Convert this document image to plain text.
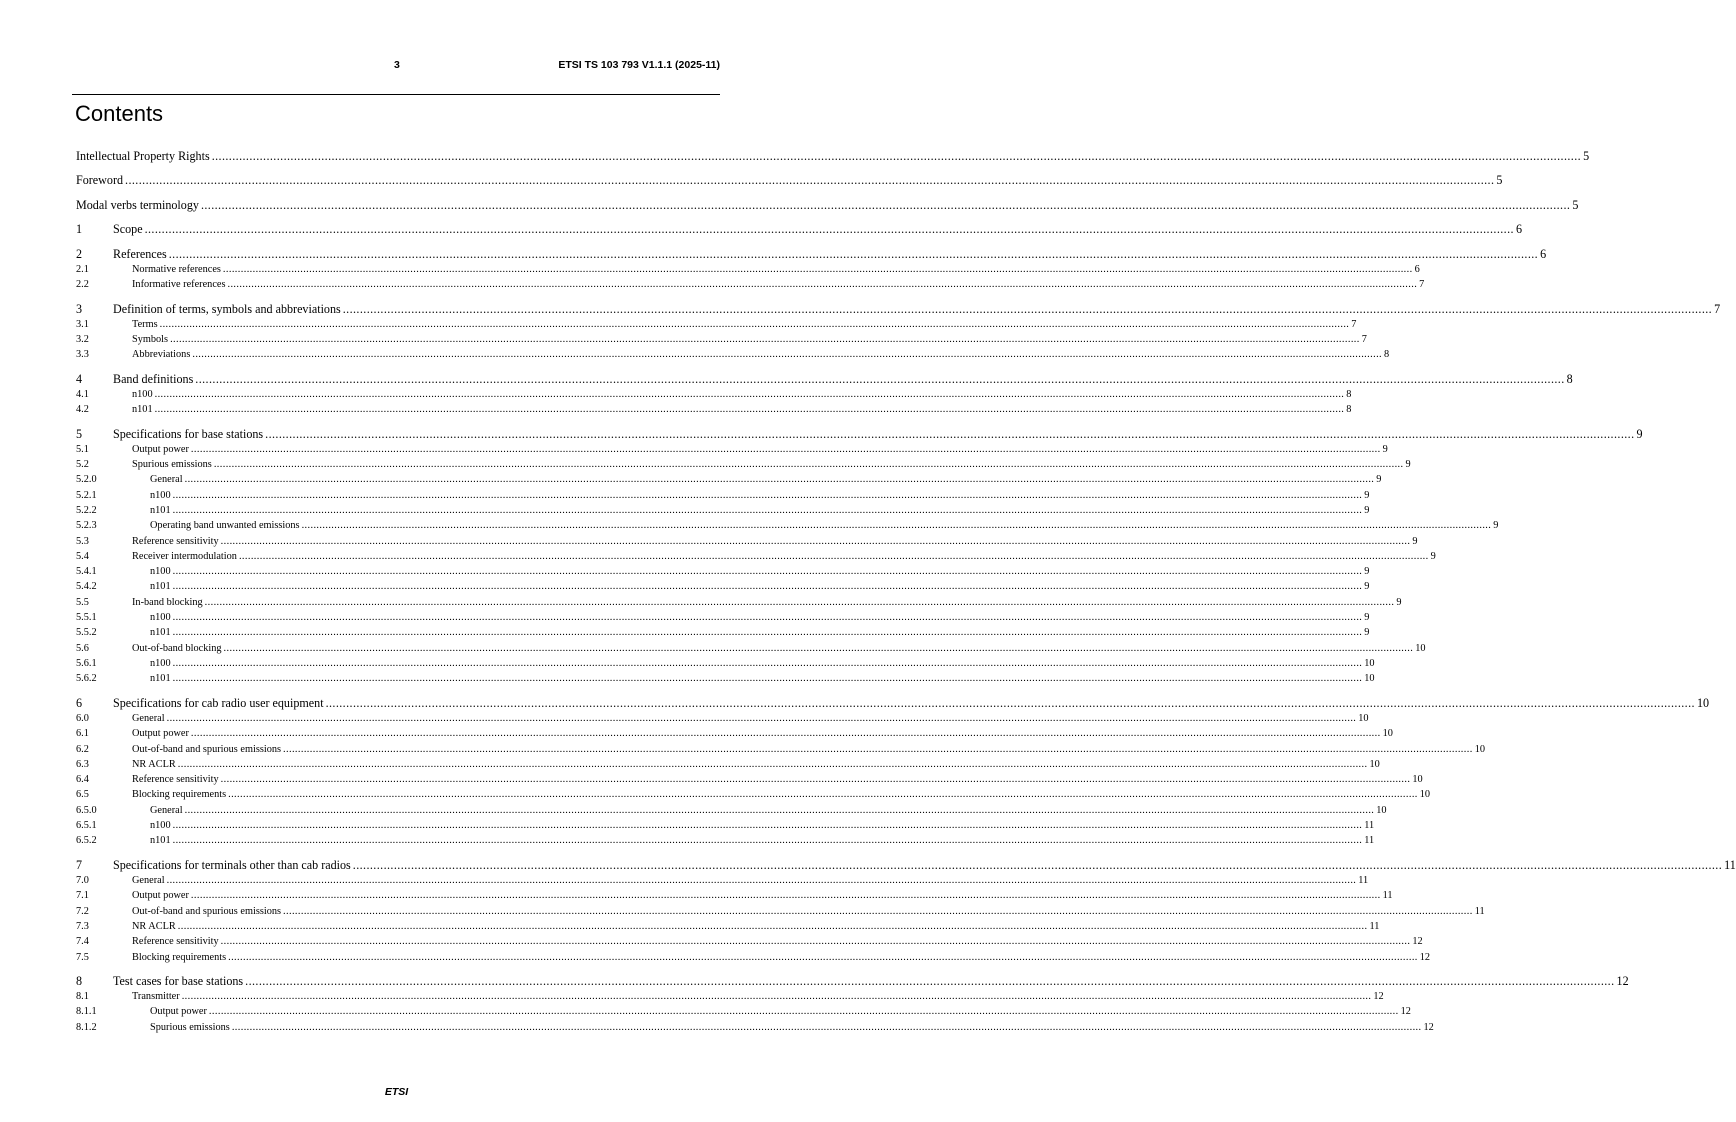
3	ETSI TS 103 793 V1.1.1 (2025-11)
Contents
Intellectual Property Rights ................................................................................................................................................................................................................................................................................................................................................................................................................ 5
Foreword ................................................................................................................................................................................................................................................................................................................................................................................................................ 5
Modal verbs terminology ................................................................................................................................................................................................................................................................................................................................................................................................................ 5
1	Scope ................................................................................................................................................................................................................................................................................................................................................................................................................ 6
2	References ................................................................................................................................................................................................................................................................................................................................................................................................................ 6
2.1	Normative references ................................................................................................................................................................................................................................................................................................................................................................................................................ 6
2.2	Informative references ................................................................................................................................................................................................................................................................................................................................................................................................................ 7
3	Definition of terms, symbols and abbreviations ................................................................................................................................................................................................................................................................................................................................................................................................................ 7
3.1	Terms ................................................................................................................................................................................................................................................................................................................................................................................................................ 7
3.2	Symbols ................................................................................................................................................................................................................................................................................................................................................................................................................ 7
3.3	Abbreviations ................................................................................................................................................................................................................................................................................................................................................................................................................ 8
4	Band definitions ................................................................................................................................................................................................................................................................................................................................................................................................................ 8
4.1	n100 ................................................................................................................................................................................................................................................................................................................................................................................................................ 8
4.2	n101 ................................................................................................................................................................................................................................................................................................................................................................................................................ 8
5	Specifications for base stations ................................................................................................................................................................................................................................................................................................................................................................................................................ 9
5.1	Output power ................................................................................................................................................................................................................................................................................................................................................................................................................ 9
5.2	Spurious emissions ................................................................................................................................................................................................................................................................................................................................................................................................................ 9
5.2.0	General ................................................................................................................................................................................................................................................................................................................................................................................................................ 9
5.2.1	n100 ................................................................................................................................................................................................................................................................................................................................................................................................................ 9
5.2.2	n101 ................................................................................................................................................................................................................................................................................................................................................................................................................ 9
5.2.3	Operating band unwanted emissions ................................................................................................................................................................................................................................................................................................................................................................................................................ 9
5.3	Reference sensitivity ................................................................................................................................................................................................................................................................................................................................................................................................................ 9
5.4	Receiver intermodulation ................................................................................................................................................................................................................................................................................................................................................................................................................ 9
5.4.1	n100 ................................................................................................................................................................................................................................................................................................................................................................................................................ 9
5.4.2	n101 ................................................................................................................................................................................................................................................................................................................................................................................................................ 9
5.5	In-band blocking ................................................................................................................................................................................................................................................................................................................................................................................................................ 9
5.5.1	n100 ................................................................................................................................................................................................................................................................................................................................................................................................................ 9
5.5.2	n101 ................................................................................................................................................................................................................................................................................................................................................................................................................ 9
5.6	Out-of-band blocking ................................................................................................................................................................................................................................................................................................................................................................................................................ 10
5.6.1	n100 ................................................................................................................................................................................................................................................................................................................................................................................................................ 10
5.6.2	n101 ................................................................................................................................................................................................................................................................................................................................................................................................................ 10
6	Specifications for cab radio user equipment ................................................................................................................................................................................................................................................................................................................................................................................................................ 10
6.0	General ................................................................................................................................................................................................................................................................................................................................................................................................................ 10
6.1	Output power ................................................................................................................................................................................................................................................................................................................................................................................................................ 10
6.2	Out-of-band and spurious emissions ................................................................................................................................................................................................................................................................................................................................................................................................................ 10
6.3	NR ACLR ................................................................................................................................................................................................................................................................................................................................................................................................................ 10
6.4	Reference sensitivity ................................................................................................................................................................................................................................................................................................................................................................................................................ 10
6.5	Blocking requirements ................................................................................................................................................................................................................................................................................................................................................................................................................ 10
6.5.0	General ................................................................................................................................................................................................................................................................................................................................................................................................................ 10
6.5.1	n100 ................................................................................................................................................................................................................................................................................................................................................................................................................ 11
6.5.2	n101 ................................................................................................................................................................................................................................................................................................................................................................................................................ 11
7	Specifications for terminals other than cab radios ................................................................................................................................................................................................................................................................................................................................................................................................................ 11
7.0	General ................................................................................................................................................................................................................................................................................................................................................................................................................ 11
7.1	Output power ................................................................................................................................................................................................................................................................................................................................................................................................................ 11
7.2	Out-of-band and spurious emissions ................................................................................................................................................................................................................................................................................................................................................................................................................ 11
7.3	NR ACLR ................................................................................................................................................................................................................................................................................................................................................................................................................ 11
7.4	Reference sensitivity ................................................................................................................................................................................................................................................................................................................................................................................................................ 12
7.5	Blocking requirements ................................................................................................................................................................................................................................................................................................................................................................................................................ 12
8	Test cases for base stations ................................................................................................................................................................................................................................................................................................................................................................................................................ 12
8.1	Transmitter ................................................................................................................................................................................................................................................................................................................................................................................................................ 12
8.1.1	Output power ................................................................................................................................................................................................................................................................................................................................................................................................................ 12
8.1.2	Spurious emissions ................................................................................................................................................................................................................................................................................................................................................................................................................ 12
ETSI
